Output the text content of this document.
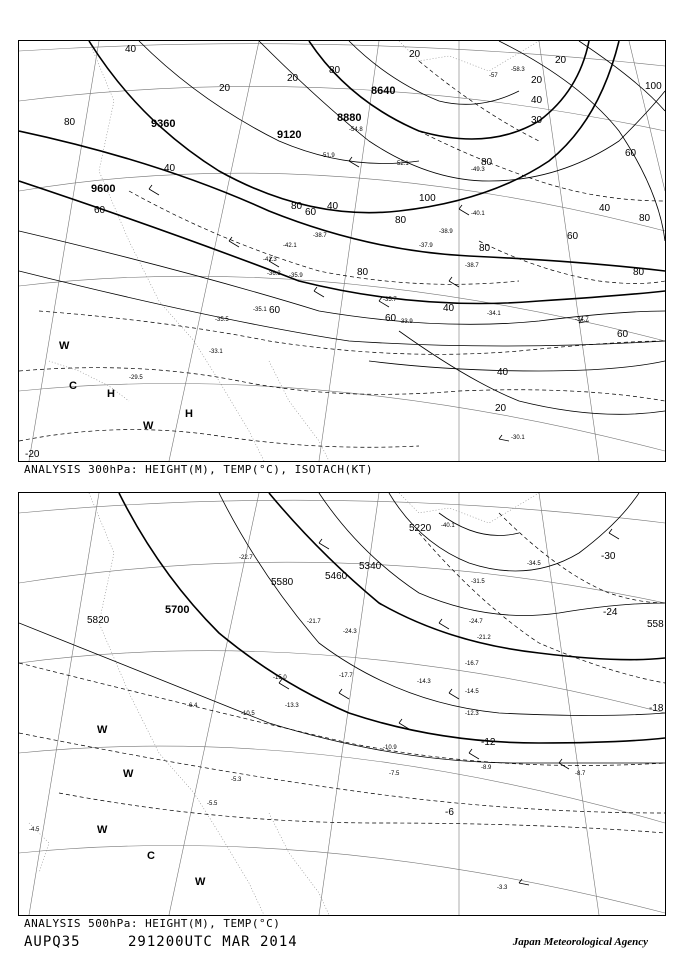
9360
9600
9120
8880
8640
40
80
40
20
20
20
60	80
80
80
100
60
40
60
80
80
40
60
30
40
20
20
100
80
60
60
80
40
60
80
20
40
-20
C
H
W
H
W
-51.9
-52.1
-49.3
-40.1
-38.9
-37.9
-38.7
-35.7
-34.1
-34.7
-36.3 -35.9
-35.5
-33.1
-30.1
-29.5
-38.7
-42.1
-41.3
-33.9
-35.1
-54.8
-58.3
-57
ANALYSIS 300hPa: HEIGHT(M), TEMP(°C), ISOTACH(KT)
5220
5340
5460
5580
5700
5820	558
-30
-24
-18
-12
-6
W
W
W
C
W
-40.1
-34.5
-31.5
-24.7
-21.2
-16.7
-14.3
-14.5
-12.3
-10.9
-8.9
-8.7
-7.5
-5.5
-4.5
-3.3
-22.7
-24.3
-21.7
-17.7
-15.0
-13.3
-10.5
-6.4
-5.3
ANALYSIS 500hPa: HEIGHT(M), TEMP(°C)
AUPQ35	291200UTC MAR 2014	Japan Meteorological Agency
